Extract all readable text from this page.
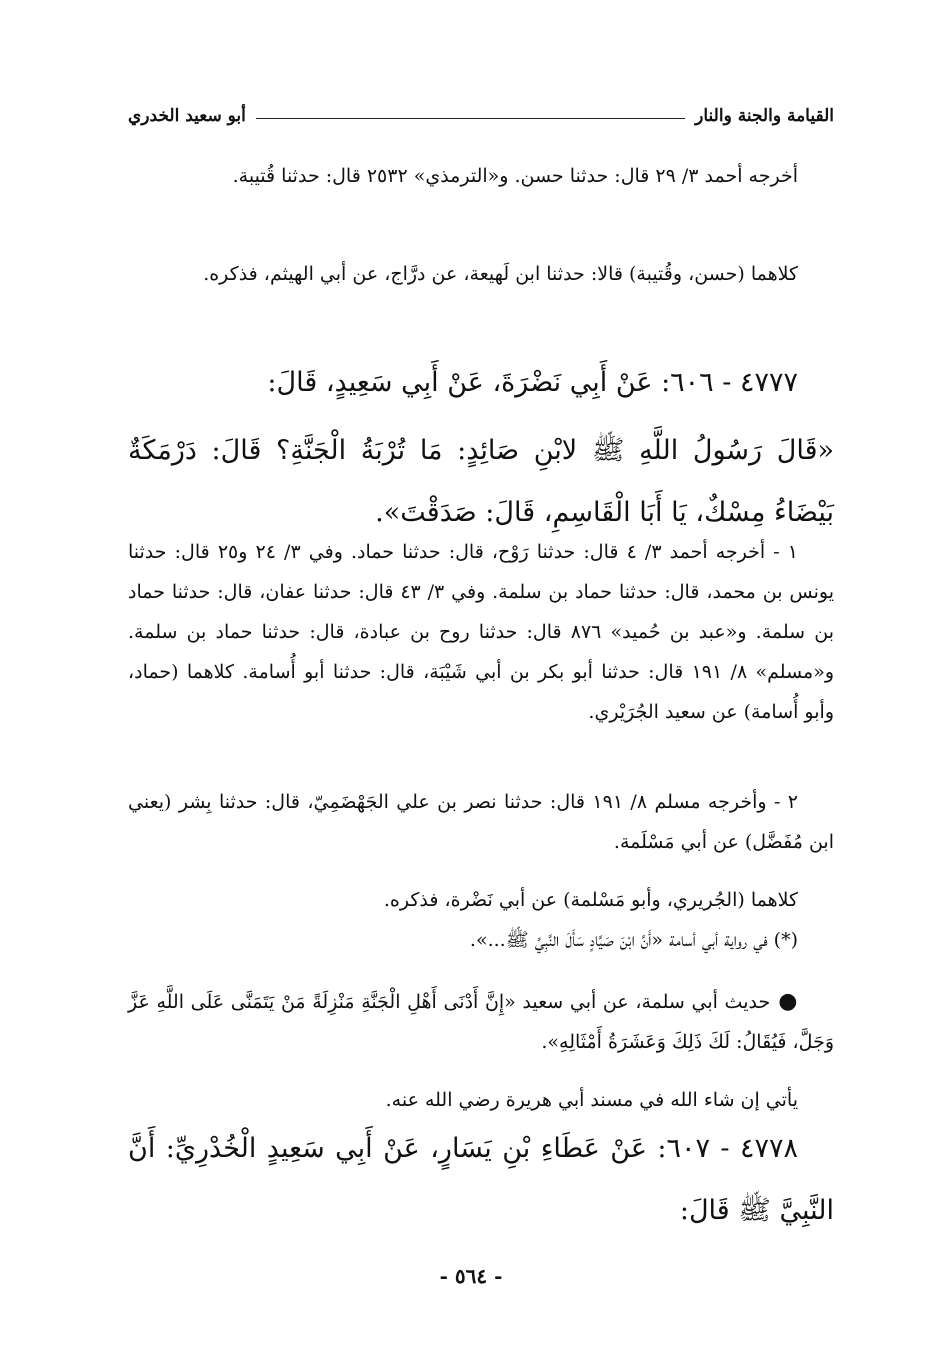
القيامة والجنة والنار
أبو سعيد الخدري

أخرجه أحمد ٣/ ٢٩ قال: حدثنا حسن. و«الترمذي» ٢٥٣٢ قال: حدثنا قُتيبة.

كلاهما (حسن، وقُتيبة) قالا: حدثنا ابن لَهيعة، عن درَّاج، عن أبي الهيثم، فذكره.

٤٧٧٧ - ٦٠٦: عَنْ أَبِي نَضْرَةَ، عَنْ أَبِي سَعِيدٍ، قَالَ:

«قَالَ رَسُولُ اللَّهِ ﷺ لابْنِ صَائِدٍ: مَا تُرْبَةُ الْجَنَّةِ؟ قَالَ: دَرْمَكَةٌ بَيْضَاءُ مِسْكٌ، يَا أَبَا الْقَاسِمِ، قَالَ: صَدَقْتَ».

١ - أخرجه أحمد ٣/ ٤ قال: حدثنا رَوْح، قال: حدثنا حماد. وفي ٣/ ٢٤ و٢٥ قال: حدثنا يونس بن محمد، قال: حدثنا حماد بن سلمة. وفي ٣/ ٤٣ قال: حدثنا عفان، قال: حدثنا حماد بن سلمة. و«عبد بن حُميد» ٨٧٦ قال: حدثنا روح بن عبادة، قال: حدثنا حماد بن سلمة. و«مسلم» ٨/ ١٩١ قال: حدثنا أبو بكر بن أبي شَيْبَة، قال: حدثنا أبو أُسامة. كلاهما (حماد، وأبو أُسامة) عن سعيد الجُرَيْري.

٢ - وأخرجه مسلم ٨/ ١٩١ قال: حدثنا نصر بن علي الجَهْضَمِيّ، قال: حدثنا بِشر (يعني ابن مُفَضَّل) عن أبي مَسْلَمة.

كلاهما (الجُريري، وأبو مَسْلمة) عن أبي نَضْرة، فذكره.

(*) في رواية أبي أسامة «أَنَّ ابْنَ صَيَّادٍ سَأَلَ النَّبِيَّ ﷺ...».

●حديث أبي سلمة، عن أبي سعيد «إِنَّ أَدْنَى أَهْلِ الْجَنَّةِ مَنْزِلَةً مَنْ يَتَمَنَّى عَلَى اللَّهِ عَزَّ وَجَلَّ، فَيُقَالُ: لَكَ ذَلِكَ وَعَشَرَةُ أَمْثَالِهِ».

يأتي إن شاء الله في مسند أبي هريرة رضي الله عنه.

٤٧٧٨ - ٦٠٧: عَنْ عَطَاءِ بْنِ يَسَارٍ، عَنْ أَبِي سَعِيدٍ الْخُدْرِيِّ: أَنَّ النَّبِيَّ ﷺ قَالَ:

- ٥٦٤ -
